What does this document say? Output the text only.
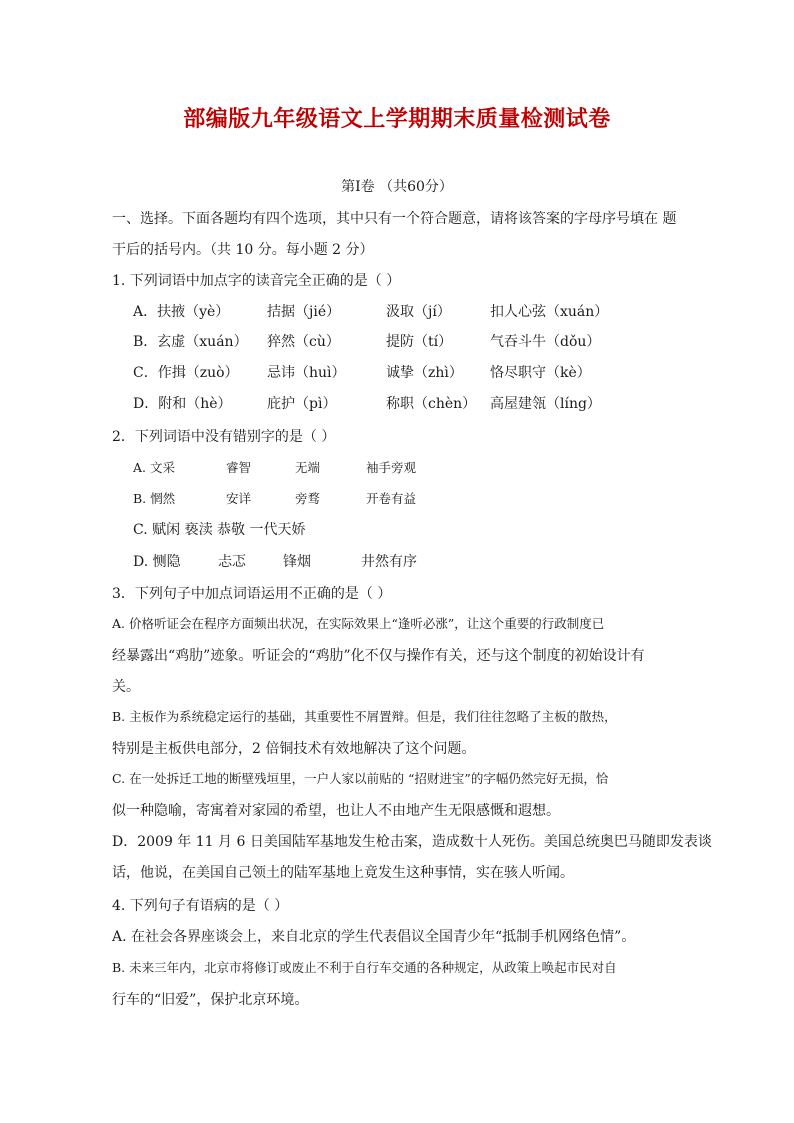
部编版九年级语文上学期期末质量检测试卷
第Ⅰ卷 （共60分）
一、选择。下面各题均有四个选项，其中只有一个符合题意，请将该答案的字母序号填在 题
干后的括号内。（共 10 分。每小题 2 分）
1. 下列词语中加点字的读音完全正确的是（ ）
A．扶掖（yè）	拮据（jié）	汲取（jí）	扣人心弦（xuán）
B．玄虚（xuán） 猝然（cù）	提防（tí）	气吞斗牛（dǒu）
C．作揖（zuò） 忌讳（huì）	诚挚（zhì） 恪尽职守（kè）
D．附和（hè）	庇护（pì）	称职（chèn） 高屋建瓴（líng）
2．下列词语中没有错别字的是（ ）
A. 文采	睿智	无端	袖手旁观
B. 惘然	安详	旁骛	开卷有益
C. 赋闲 亵渎 恭敬 一代天娇
D. 恻隐	忐忑	锋烟	井然有序
3．下列句子中加点词语运用不正确的是（ ）
A. 价格听证会在程序方面频出状况，在实际效果上“逢听必涨”，让这个重要的行政制度已
经暴露出“鸡肋”迹象。听证会的“鸡肋”化不仅与操作有关，还与这个制度的初始设计有
关。
B. 主板作为系统稳定运行的基础，其重要性不屑置辩。但是，我们往往忽略了主板的散热，
特别是主板供电部分，2 倍铜技术有效地解决了这个问题。
C. 在一处拆迁工地的断壁残垣里，一户人家以前贴的 “招财进宝”的字幅仍然完好无损，恰
似一种隐喻，寄寓着对家园的希望，也让人不由地产生无限感慨和遐想。
D．2009 年 11 月 6 日美国陆军基地发生枪击案，造成数十人死伤。美国总统奥巴马随即发表谈
话，他说，在美国自己领土的陆军基地上竟发生这种事情，实在骇人听闻。
4. 下列句子有语病的是（ ）
A. 在社会各界座谈会上，来自北京的学生代表倡议全国青少年“抵制手机网络色情”。
B. 未来三年内，北京市将修订或废止不利于自行车交通的各种规定，从政策上唤起市民对自
行车的“旧爱”，保护北京环境。
